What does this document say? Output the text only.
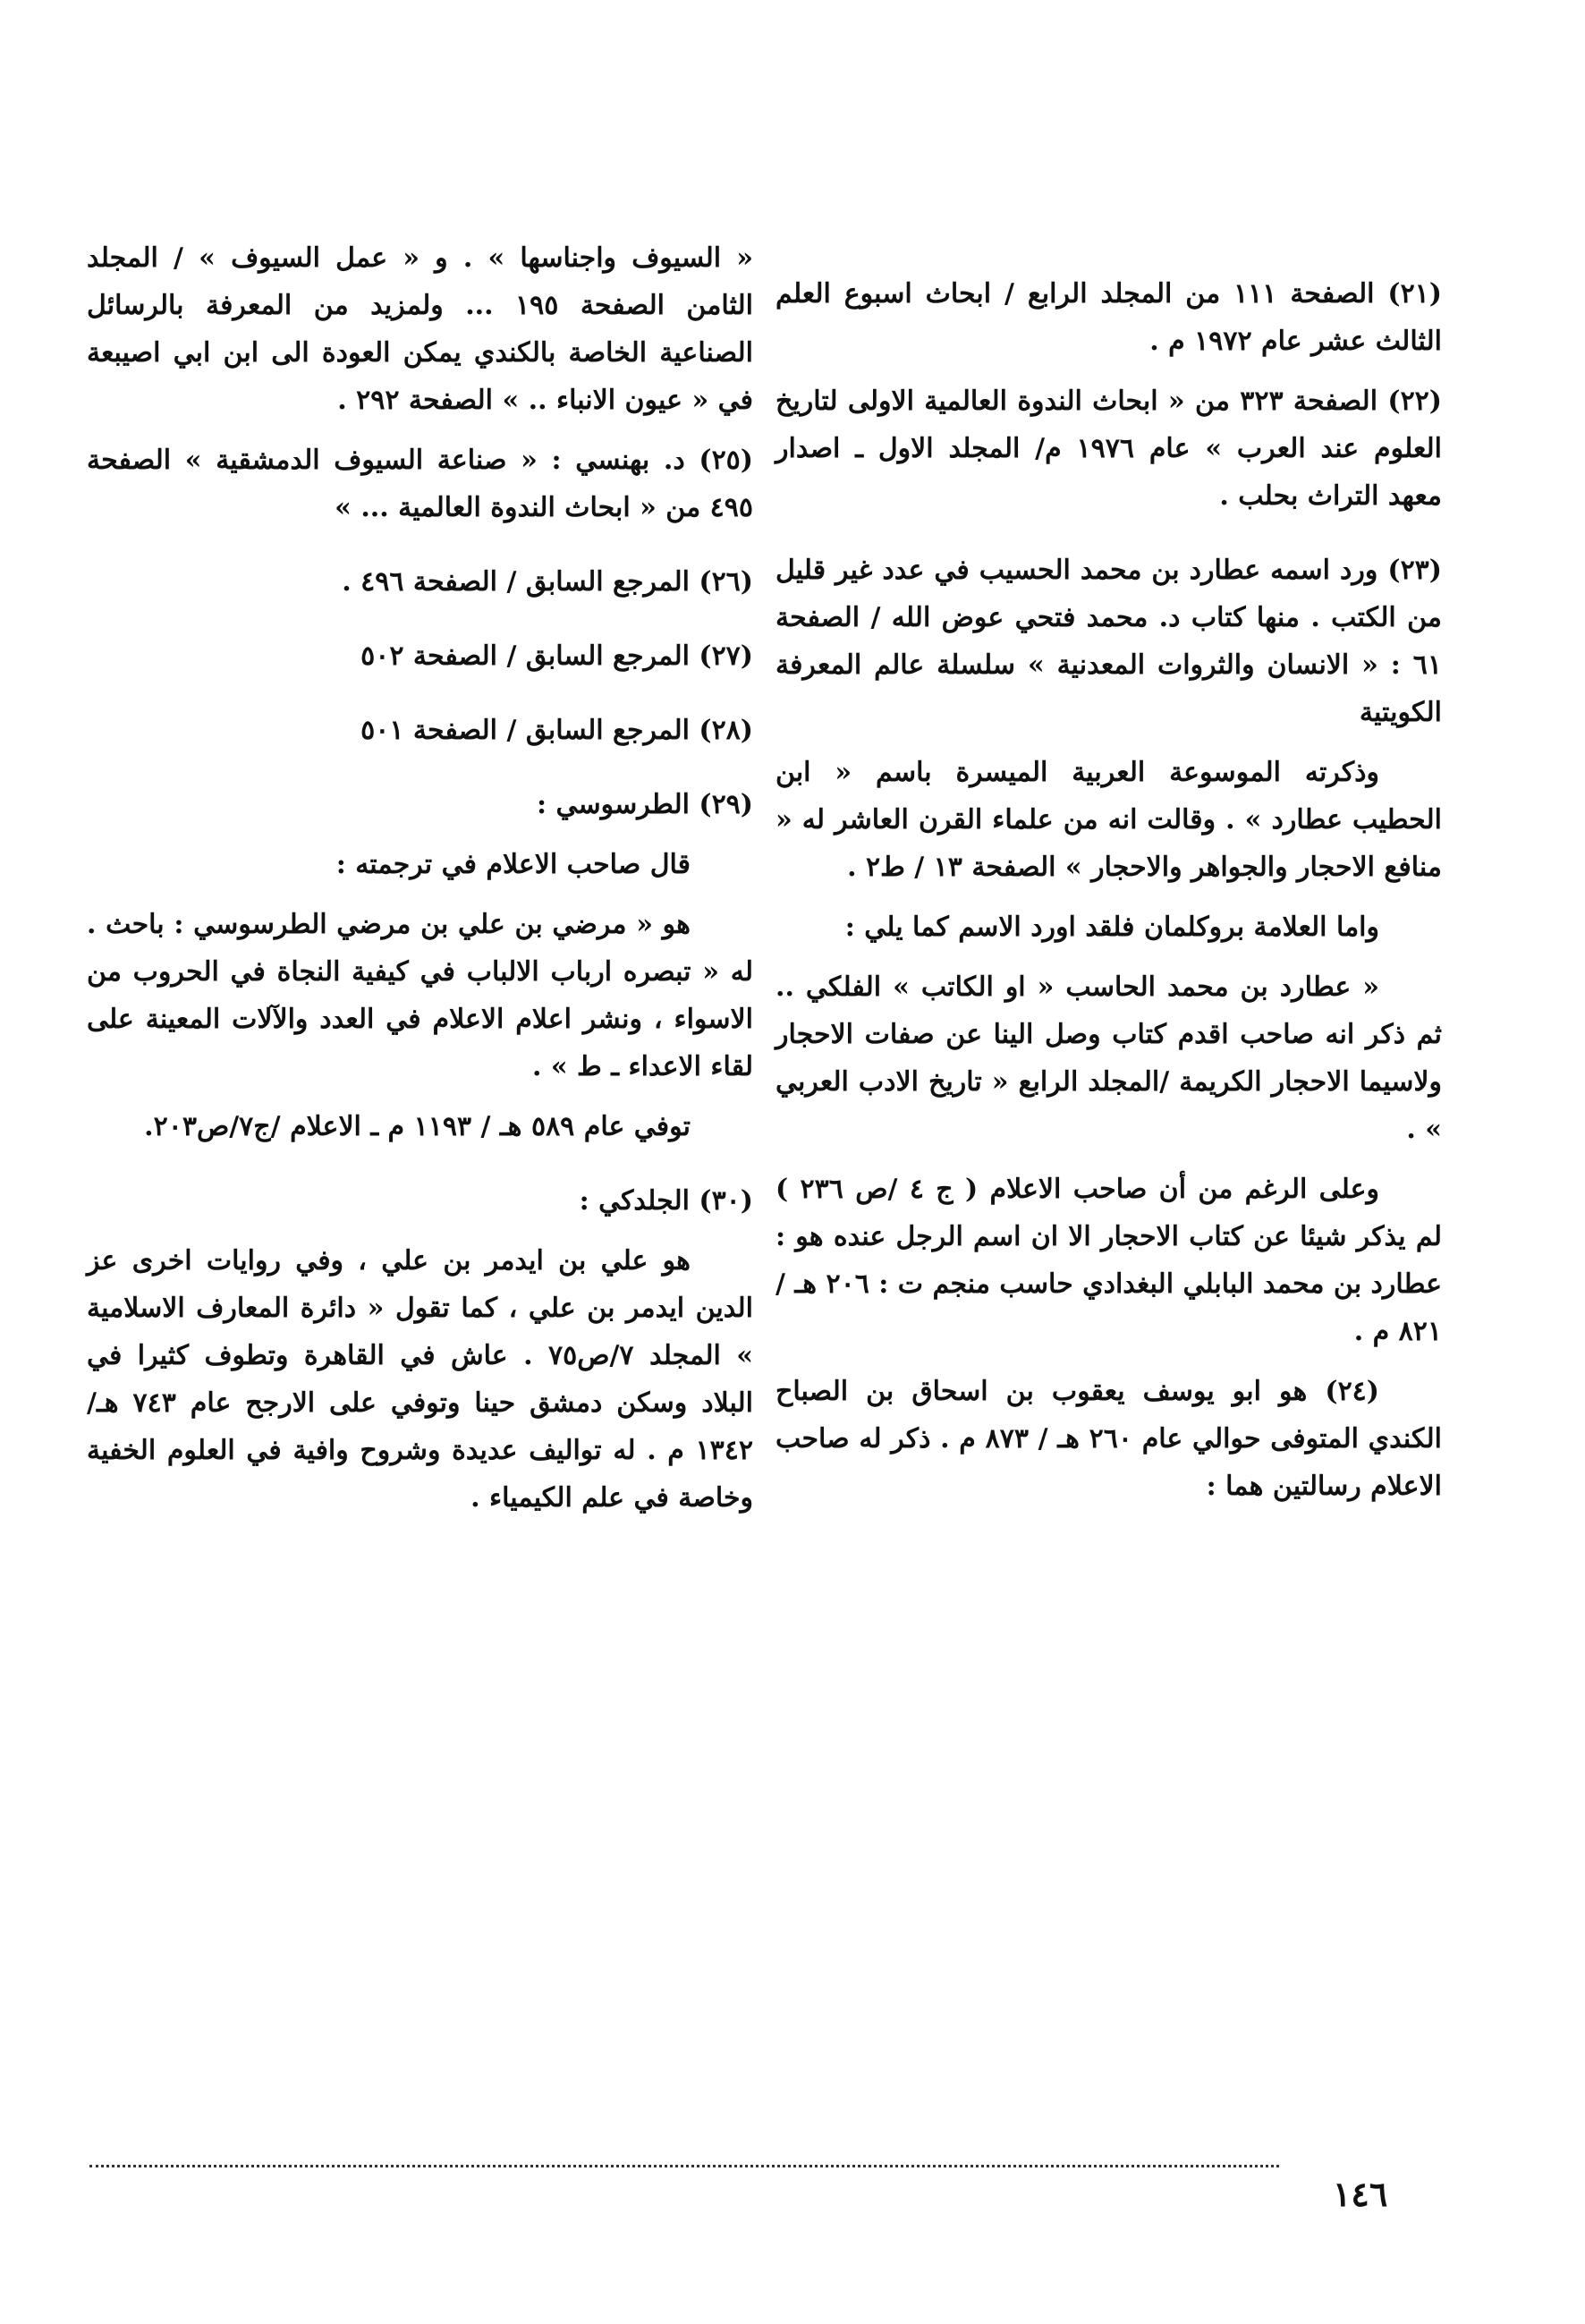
(٢١) الصفحة ١١١ من المجلد الرابع / ابحاث اسبوع العلم الثالث عشر عام ١٩٧٢ م .

(٢٢) الصفحة ٣٢٣ من « ابحاث الندوة العالمية الاولى لتاريخ العلوم عند العرب » عام ١٩٧٦ م/ المجلد الاول ـ اصدار معهد التراث بحلب .

(٢٣) ورد اسمه عطارد بن محمد الحسيب في عدد غير قليل من الكتب . منها كتاب د. محمد فتحي عوض الله / الصفحة ٦١ : « الانسان والثروات المعدنية » سلسلة عالم المعرفة الكويتية

وذكرته الموسوعة العربية الميسرة باسم « ابن الحطيب عطارد » . وقالت انه من علماء القرن العاشر له « منافع الاحجار والجواهر والاحجار » الصفحة ١٣ / ط٢ .

واما العلامة بروكلمان فلقد اورد الاسم كما يلي :

« عطارد بن محمد الحاسب « او الكاتب » الفلكي .. ثم ذكر انه صاحب اقدم كتاب وصل الينا عن صفات الاحجار ولاسيما الاحجار الكريمة /المجلد الرابع « تاريخ الادب العربي » .

وعلى الرغم من أن صاحب الاعلام ( ج ٤ /ص ٢٣٦ ) لم يذكر شيئا عن كتاب الاحجار الا ان اسم الرجل عنده هو : عطارد بن محمد البابلي البغدادي حاسب منجم ت : ٢٠٦ هـ / ٨٢١ م .

(٢٤) هو ابو يوسف يعقوب بن اسحاق بن الصباح الكندي المتوفى حوالي عام ٢٦٠ هـ / ٨٧٣ م . ذكر له صاحب الاعلام رسالتين هما :

« السيوف واجناسها » . و « عمل السيوف » / المجلد الثامن الصفحة ١٩٥ ... ولمزيد من المعرفة بالرسائل الصناعية الخاصة بالكندي يمكن العودة الى ابن ابي اصيبعة في « عيون الانباء .. » الصفحة ٢٩٢ .

(٢٥) د. بهنسي : « صناعة السيوف الدمشقية » الصفحة ٤٩٥ من « ابحاث الندوة العالمية ... »

(٢٦) المرجع السابق / الصفحة ٤٩٦ .

(٢٧) المرجع السابق / الصفحة ٥٠٢

(٢٨) المرجع السابق / الصفحة ٥٠١

(٢٩) الطرسوسي :

قال صاحب الاعلام في ترجمته :

هو « مرضي بن علي بن مرضي الطرسوسي : باحث . له « تبصره ارباب الالباب في كيفية النجاة في الحروب من الاسواء ، ونشر اعلام الاعلام في العدد والآلات المعينة على لقاء الاعداء ـ ط » .

توفي عام ٥٨٩ هـ / ١١٩٣ م ـ الاعلام /ج٧/ص٢٠٣.

(٣٠) الجلدكي :

هو علي بن ايدمر بن علي ، وفي روايات اخرى عز الدين ايدمر بن علي ، كما تقول « دائرة المعارف الاسلامية » المجلد ٧/ص٧٥ . عاش في القاهرة وتطوف كثيرا في البلاد وسكن دمشق حينا وتوفي على الارجح عام ٧٤٣ هـ/١٣٤٢ م . له تواليف عديدة وشروح وافية في العلوم الخفية وخاصة في علم الكيمياء .

١٤٦
